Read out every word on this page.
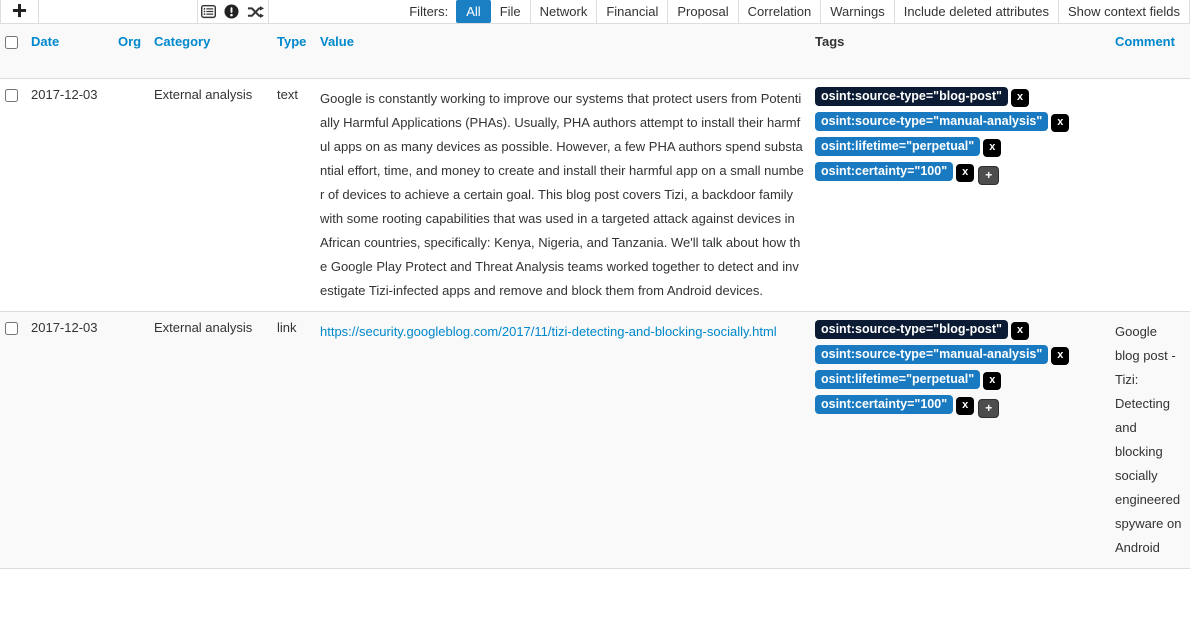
Filters:	All	File	Network	Financial	Proposal	Correlation	Warnings	Include deleted attributes	Show context fields
	Date	Org	Category	Type	Value	Tags	Comment
	2017-12-03		External analysis	text	Google is constantly working to improve our systems that protect users from Potentially Harmful Applications (PHAs). Usually, PHA authors attempt to install their harmful apps on as many devices as possible. However, a few PHA authors spend substantial effort, time, and money to create and install their harmful app on a small number of devices to achieve a certain goal. This blog post covers Tizi, a backdoor family with some rooting capabilities that was used in a targeted attack against devices in African countries, specifically: Kenya, Nigeria, and Tanzania. We'll talk about how the Google Play Protect and Threat Analysis teams worked together to detect and investigate Tizi-infected apps and remove and block them from Android devices.	osint:source-type="blog-post" x osint:source-type="manual-analysis" x osint:lifetime="perpetual" x osint:certainty="100" x +	
	2017-12-03		External analysis	link	https://security.googleblog.com/2017/11/tizi-detecting-and-blocking-socially.html	osint:source-type="blog-post" x osint:source-type="manual-analysis" x osint:lifetime="perpetual" x osint:certainty="100" x +	Google blog post - Tizi: Detecting and blocking socially engineered spyware on Android
